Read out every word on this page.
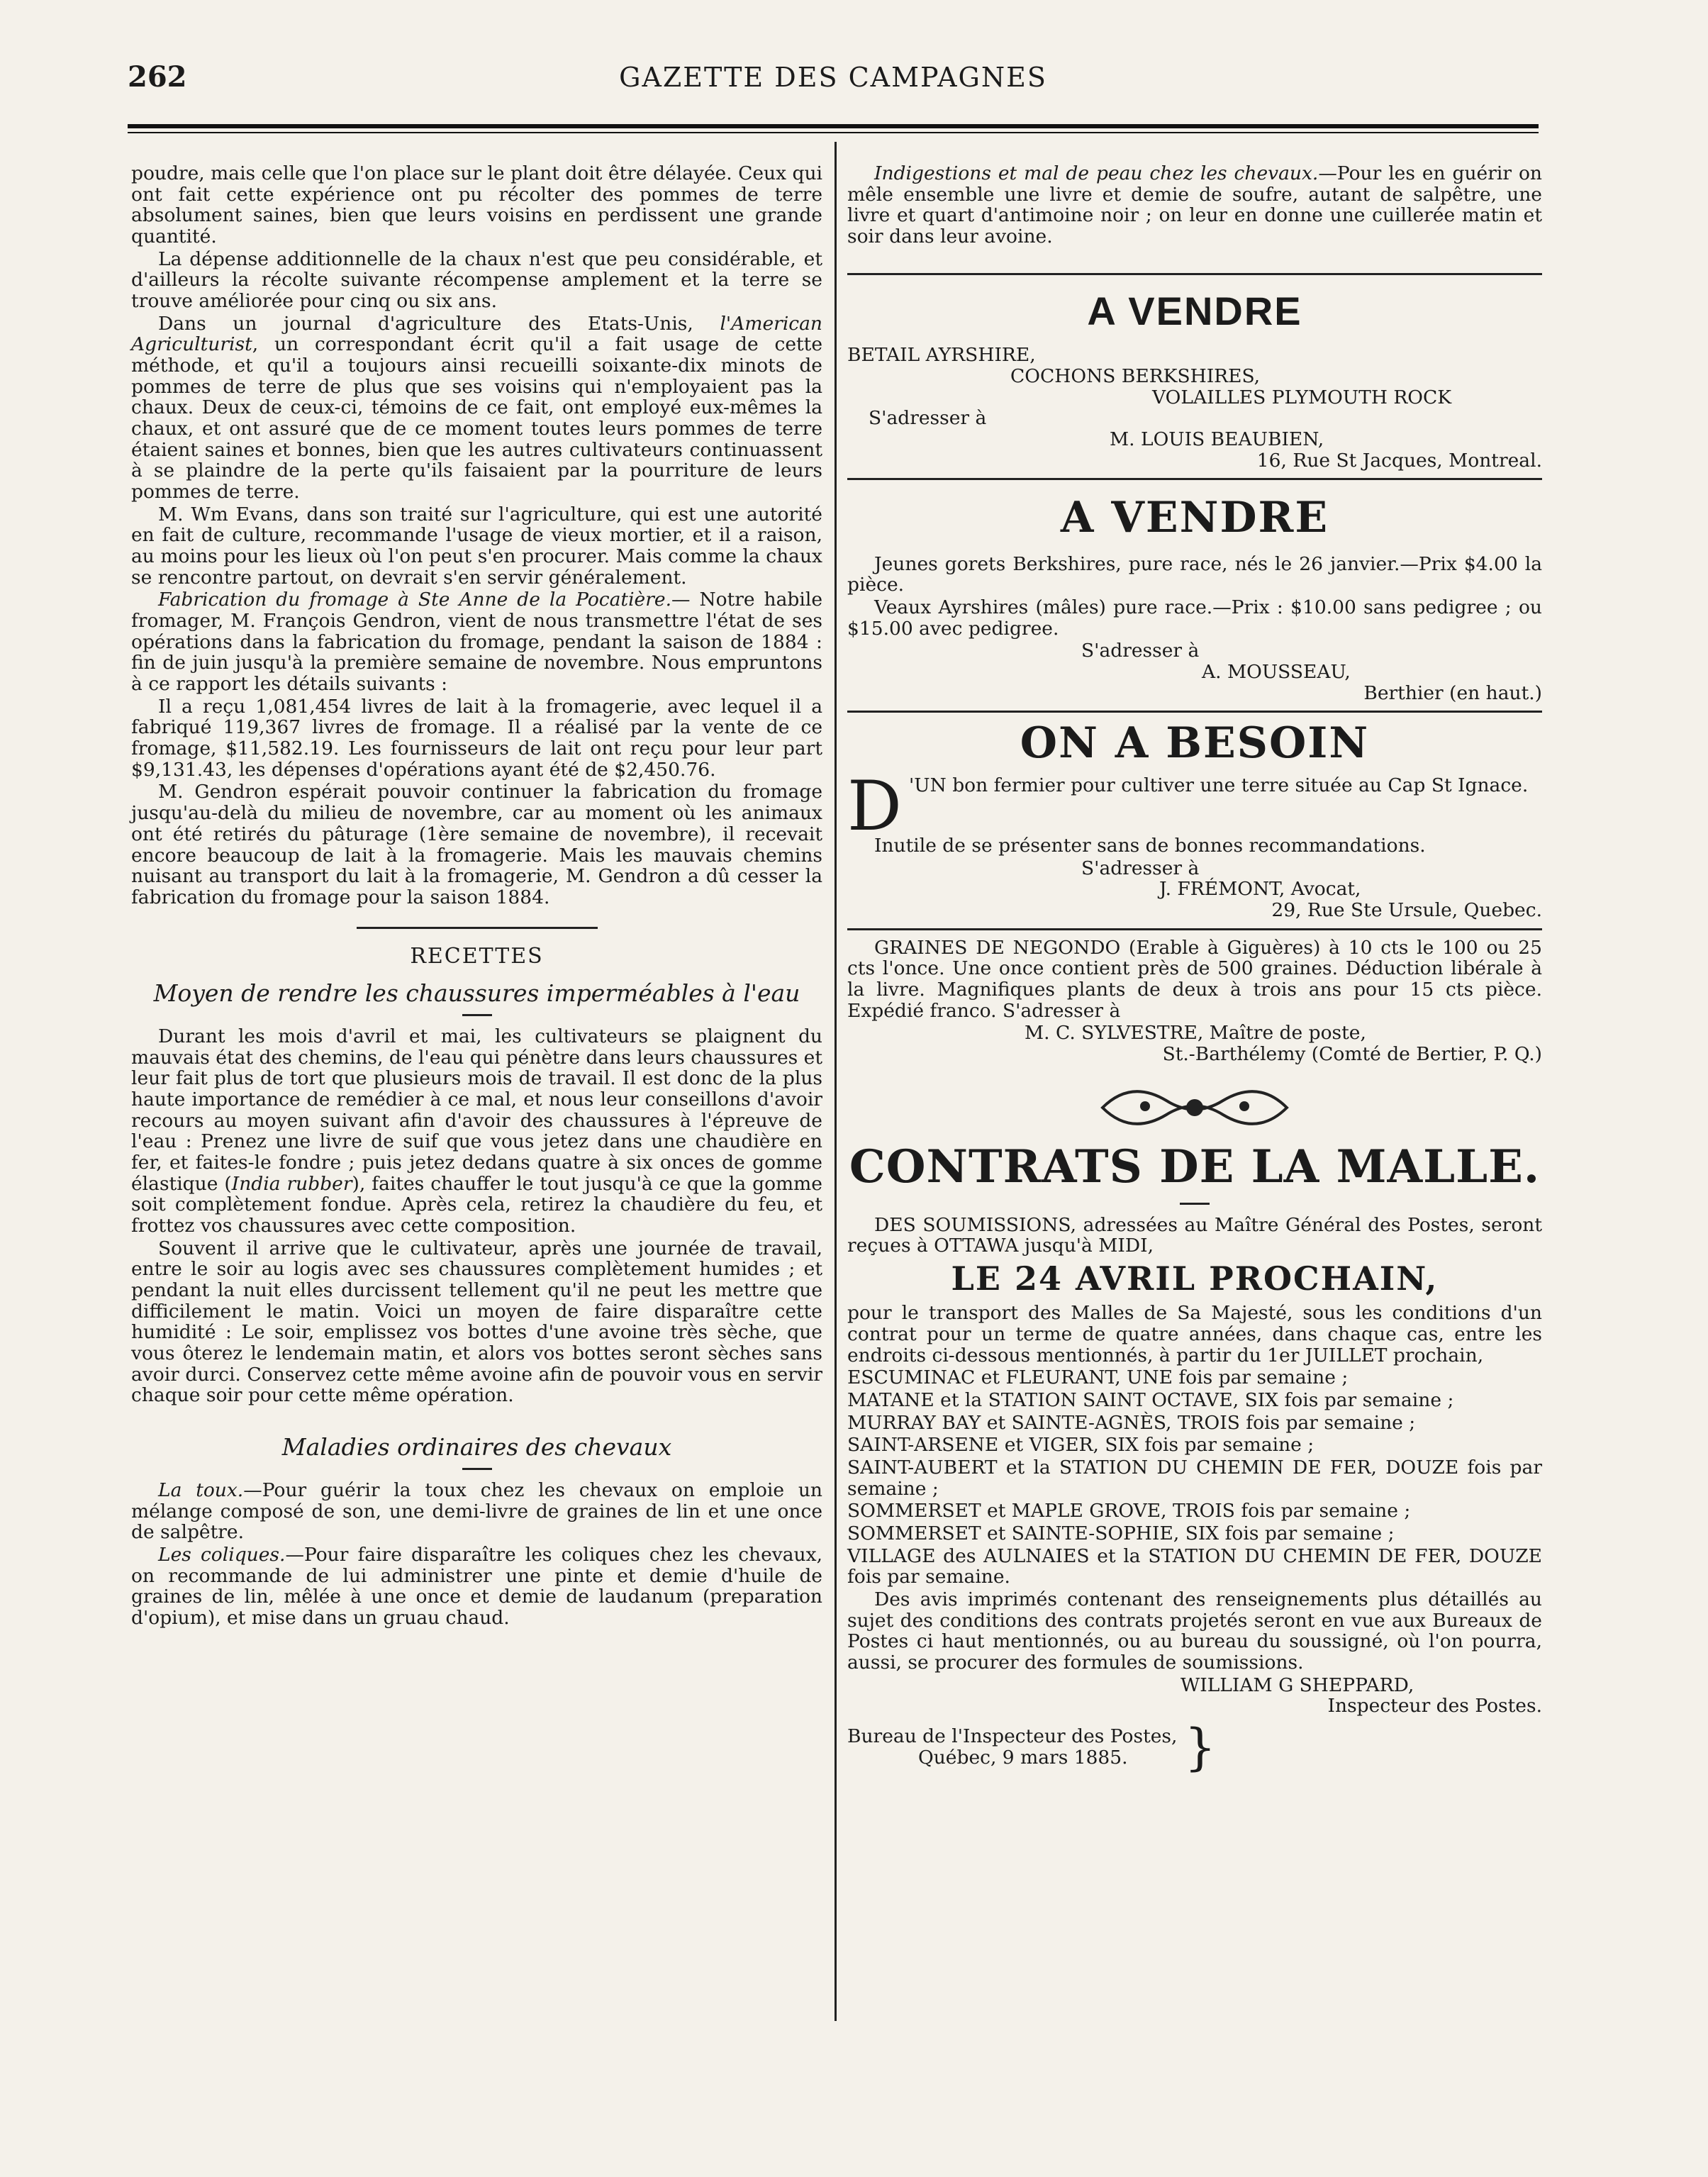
262	GAZETTE DES CAMPAGNES

poudre, mais celle que l'on place sur le plant doit être délayée. Ceux qui ont fait cette expérience ont pu récolter des pommes de terre absolument saines, bien que leurs voisins en perdissent une grande quantité.

La dépense additionnelle de la chaux n'est que peu considérable, et d'ailleurs la récolte suivante récompense amplement et la terre se trouve améliorée pour cinq ou six ans.

Dans un journal d'agriculture des Etats-Unis, l'American Agriculturist, un correspondant écrit qu'il a fait usage de cette méthode, et qu'il a toujours ainsi recueilli soixante-dix minots de pommes de terre de plus que ses voisins qui n'employaient pas la chaux. Deux de ceux-ci, témoins de ce fait, ont employé eux-mêmes la chaux, et ont assuré que de ce moment toutes leurs pommes de terre étaient saines et bonnes, bien que les autres cultivateurs continuassent à se plaindre de la perte qu'ils faisaient par la pourriture de leurs pommes de terre.

M. Wm Evans, dans son traité sur l'agriculture, qui est une autorité en fait de culture, recommande l'usage de vieux mortier, et il a raison, au moins pour les lieux où l'on peut s'en procurer. Mais comme la chaux se rencontre partout, on devrait s'en servir généralement.

Fabrication du fromage à Ste Anne de la Pocatière.— Notre habile fromager, M. François Gendron, vient de nous transmettre l'état de ses opérations dans la fabrication du fromage, pendant la saison de 1884 : fin de juin jusqu'à la première semaine de novembre. Nous empruntons à ce rapport les détails suivants :

Il a reçu 1,081,454 livres de lait à la fromagerie, avec lequel il a fabriqué 119,367 livres de fromage. Il a réalisé par la vente de ce fromage, $11,582.19. Les fournisseurs de lait ont reçu pour leur part $9,131.43, les dépenses d'opérations ayant été de $2,450.76.

M. Gendron espérait pouvoir continuer la fabrication du fromage jusqu'au-delà du milieu de novembre, car au moment où les animaux ont été retirés du pâturage (1ère semaine de novembre), il recevait encore beaucoup de lait à la fromagerie. Mais les mauvais chemins nuisant au transport du lait à la fromagerie, M. Gendron a dû cesser la fabrication du fromage pour la saison 1884.

RECETTES
Moyen de rendre les chaussures imperméables à l'eau

Durant les mois d'avril et mai, les cultivateurs se plaignent du mauvais état des chemins, de l'eau qui pénètre dans leurs chaussures et leur fait plus de tort que plusieurs mois de travail. Il est donc de la plus haute importance de remédier à ce mal, et nous leur conseillons d'avoir recours au moyen suivant afin d'avoir des chaussures à l'épreuve de l'eau : Prenez une livre de suif que vous jetez dans une chaudière en fer, et faites-le fondre ; puis jetez dedans quatre à six onces de gomme élastique (India rubber), faites chauffer le tout jusqu'à ce que la gomme soit complètement fondue. Après cela, retirez la chaudière du feu, et frottez vos chaussures avec cette composition.

Souvent il arrive que le cultivateur, après une journée de travail, entre le soir au logis avec ses chaussures complètement humides ; et pendant la nuit elles durcissent tellement qu'il ne peut les mettre que difficilement le matin. Voici un moyen de faire disparaître cette humidité : Le soir, emplissez vos bottes d'une avoine très sèche, que vous ôterez le lendemain matin, et alors vos bottes seront sèches sans avoir durci. Conservez cette même avoine afin de pouvoir vous en servir chaque soir pour cette même opération.

Maladies ordinaires des chevaux

La toux.—Pour guérir la toux chez les chevaux on emploie un mélange composé de son, une demi-livre de graines de lin et une once de salpêtre.

Les coliques.—Pour faire disparaître les coliques chez les chevaux, on recommande de lui administrer une pinte et demie d'huile de graines de lin, mêlée à une once et demie de laudanum (preparation d'opium), et mise dans un gruau chaud.

Indigestions et mal de peau chez les chevaux.—Pour les en guérir on mêle ensemble une livre et demie de soufre, autant de salpêtre, une livre et quart d'antimoine noir ; on leur en donne une cuillerée matin et soir dans leur avoine.

A VENDRE

BETAIL AYRSHIRE,

COCHONS BERKSHIRES,

VOLAILLES PLYMOUTH ROCK

S'adresser à

M. LOUIS BEAUBIEN,

16, Rue St Jacques, Montreal.

A VENDRE

Jeunes gorets Berkshires, pure race, nés le 26 janvier.—Prix $4.00 la pièce.

Veaux Ayrshires (mâles) pure race.—Prix : $10.00 sans pedigree ; ou $15.00 avec pedigree.

S'adresser à

A. MOUSSEAU,

Berthier (en haut.)

ON A BESOIN

D 'UN bon fermier pour cultiver une terre située au Cap St Ignace.

Inutile de se présenter sans de bonnes recommandations.

S'adresser à

J. FRÉMONT, Avocat,

29, Rue Ste Ursule, Quebec.

GRAINES DE NEGONDO (Erable à Giguères) à 10 cts le 100 ou 25 cts l'once. Une once contient près de 500 graines. Déduction libérale à la livre. Magnifiques plants de deux à trois ans pour 15 cts pièce. Expédié franco. S'adresser à

M. C. SYLVESTRE, Maître de poste,

St.-Barthélemy (Comté de Bertier, P. Q.)

CONTRATS DE LA MALLE.

DES SOUMISSIONS, adressées au Maître Général des Postes, seront reçues à OTTAWA jusqu'à MIDI,

LE 24 AVRIL PROCHAIN,

pour le transport des Malles de Sa Majesté, sous les conditions d'un contrat pour un terme de quatre années, dans chaque cas, entre les endroits ci-dessous mentionnés, à partir du 1er JUILLET prochain,

ESCUMINAC et FLEURANT, UNE fois par semaine ;

MATANE et la STATION SAINT OCTAVE, SIX fois par semaine ;

MURRAY BAY et SAINTE-AGNÈS, TROIS fois par semaine ;

SAINT-ARSENE et VIGER, SIX fois par semaine ;

SAINT-AUBERT et la STATION DU CHEMIN DE FER, DOUZE fois par semaine ;

SOMMERSET et MAPLE GROVE, TROIS fois par semaine ;

SOMMERSET et SAINTE-SOPHIE, SIX fois par semaine ;

VILLAGE des AULNAIES et la STATION DU CHEMIN DE FER, DOUZE fois par semaine.

Des avis imprimés contenant des renseignements plus détaillés au sujet des conditions des contrats projetés seront en vue aux Bureaux de Postes ci haut mentionnés, ou au bureau du soussigné, où l'on pourra, aussi, se procurer des formules de soumissions.

WILLIAM G SHEPPARD,

Inspecteur des Postes.

Bureau de l'Inspecteur des Postes,

Québec, 9 mars 1885.	}
